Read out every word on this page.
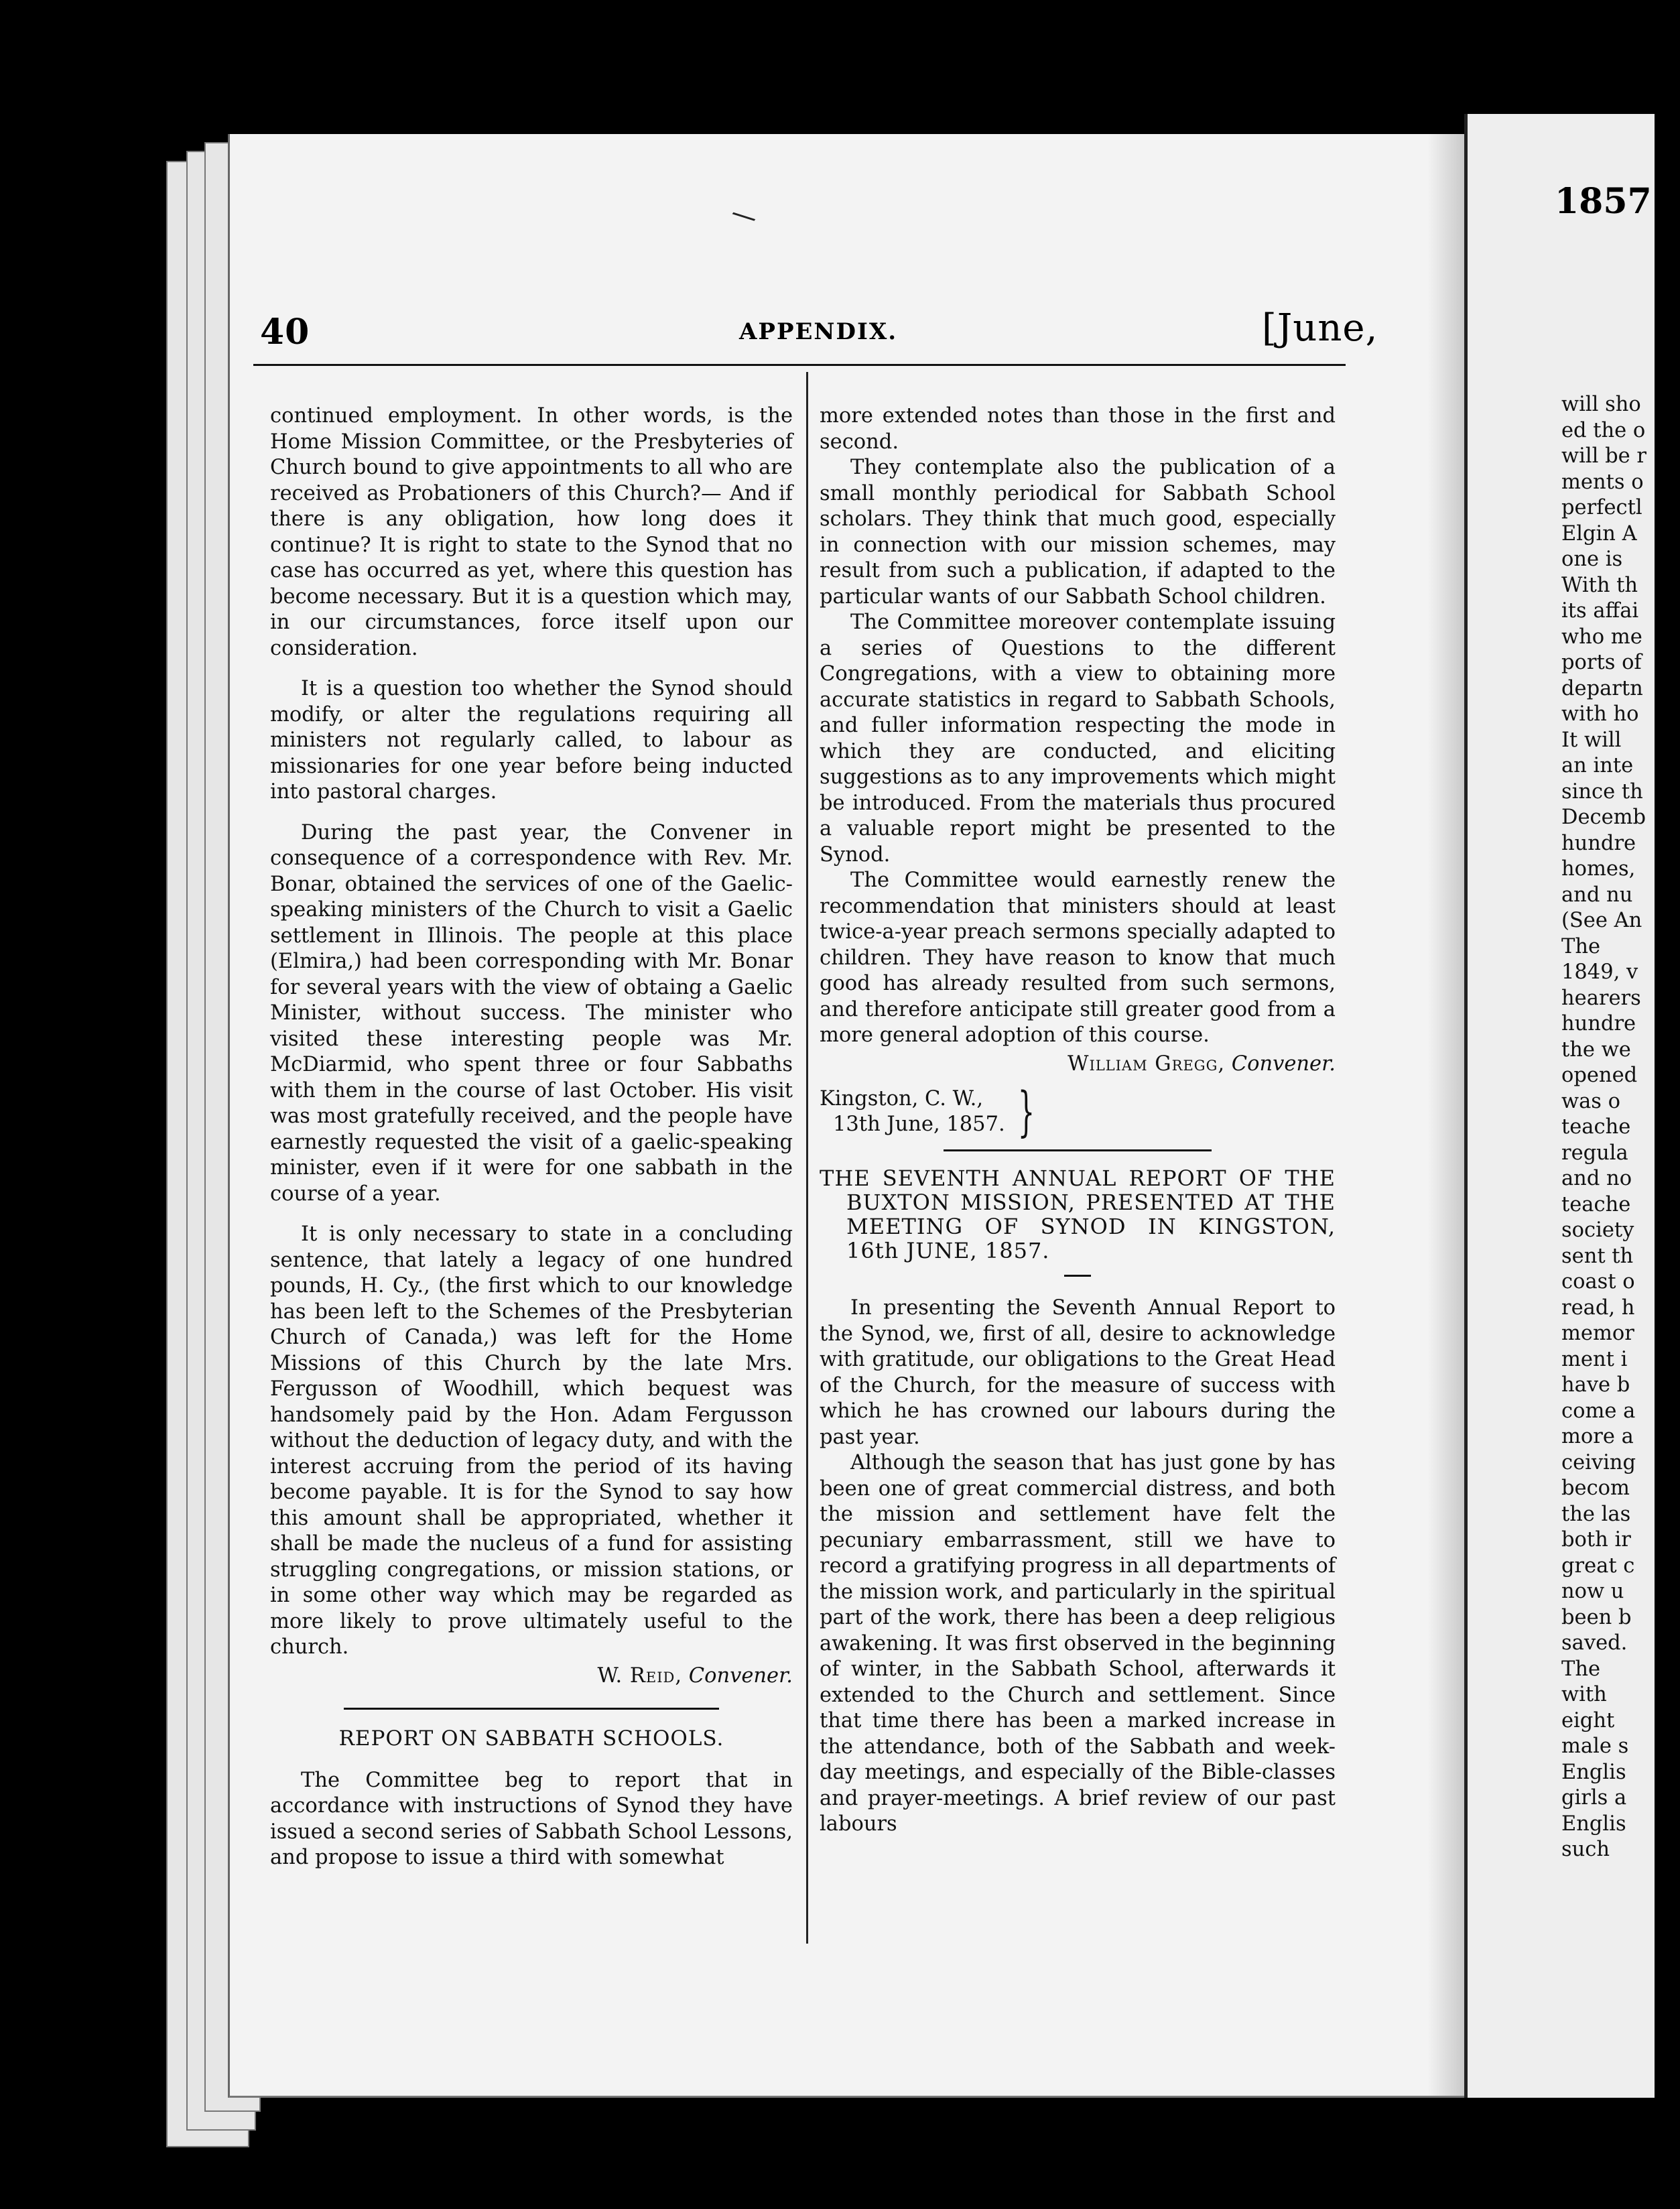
\
40	APPENDIX.	[June,

continued employment. In other words, is the Home Mission Committee, or the Presbyteries of Church bound to give appointments to all who are received as Probationers of this Church?— And if there is any obligation, how long does it continue? It is right to state to the Synod that no case has occurred as yet, where this question has become necessary. But it is a question which may, in our circumstances, force itself upon our consideration.

It is a question too whether the Synod should modify, or alter the regulations requiring all ministers not regularly called, to labour as missionaries for one year before being inducted into pastoral charges.

During the past year, the Convener in consequence of a correspondence with Rev. Mr. Bonar, obtained the services of one of the Gaelic-speaking ministers of the Church to visit a Gaelic settlement in Illinois. The people at this place (Elmira,) had been corresponding with Mr. Bonar for several years with the view of obtaing a Gaelic Minister, without success. The minister who visited these interesting people was Mr. McDiarmid, who spent three or four Sabbaths with them in the course of last October. His visit was most gratefully received, and the people have earnestly requested the visit of a gaelic-speaking minister, even if it were for one sabbath in the course of a year.

It is only necessary to state in a concluding sentence, that lately a legacy of one hundred pounds, H. Cy., (the first which to our knowledge has been left to the Schemes of the Presbyterian Church of Canada,) was left for the Home Missions of this Church by the late Mrs. Fergusson of Woodhill, which bequest was handsomely paid by the Hon. Adam Fergusson without the deduction of legacy duty, and with the interest accruing from the period of its having become payable. It is for the Synod to say how this amount shall be appropriated, whether it shall be made the nucleus of a fund for assisting struggling congregations, or mission stations, or in some other way which may be regarded as more likely to prove ultimately useful to the church.

W. Reid, Convener.

REPORT ON SABBATH SCHOOLS.

The Committee beg to report that in accordance with instructions of Synod they have issued a second series of Sabbath School Lessons, and propose to issue a third with somewhat

more extended notes than those in the first and second.

They contemplate also the publication of a small monthly periodical for Sabbath School scholars. They think that much good, especially in connection with our mission schemes, may result from such a publication, if adapted to the particular wants of our Sabbath School children.

The Committee moreover contemplate issuing a series of Questions to the different Congregations, with a view to obtaining more accurate statistics in regard to Sabbath Schools, and fuller information respecting the mode in which they are conducted, and eliciting suggestions as to any improvements which might be introduced. From the materials thus procured a valuable report might be presented to the Synod.

The Committee would earnestly renew the recommendation that ministers should at least twice-a-year preach sermons specially adapted to children. They have reason to know that much good has already resulted from such sermons, and therefore anticipate still greater good from a more general adoption of this course.

William Gregg, Convener.

Kingston, C. W.,
13th June, 1857. }
THE SEVENTH ANNUAL REPORT OF THE BUXTON MISSION, PRESENTED AT THE MEETING OF SYNOD IN KINGSTON, 16th JUNE, 1857.

In presenting the Seventh Annual Report to the Synod, we, first of all, desire to acknowledge with gratitude, our obligations to the Great Head of the Church, for the measure of success with which he has crowned our labours during the past year.

Although the season that has just gone by has been one of great commercial distress, and both the mission and settlement have felt the pecuniary embarrassment, still we have to record a gratifying progress in all departments of the mission work, and particularly in the spiritual part of the work, there has been a deep religious awakening. It was first observed in the beginning of winter, in the Sabbath School, afterwards it extended to the Church and settlement. Since that time there has been a marked increase in the attendance, both of the Sabbath and week-day meetings, and especially of the Bible-classes and prayer-meetings. A brief review of our past labours

1857.]
will sho
ed the o
will be r
ments o
perfectl
Elgin A
one is
With th
its affai
who me
ports of
departn
with ho
It will
an inte
since th
Decemb
hundre
homes,
and nu
(See An
The
1849, v
hearers
hundre
the we
opened
was o
teache
regula
and no
teache
society
sent th
coast o
read, h
memor
ment i
have b
come a
more a
ceiving
becom
the las
both ir
great c
now u
been b
saved.
The
with
eight
male s
Englis
girls a
Englis
such
